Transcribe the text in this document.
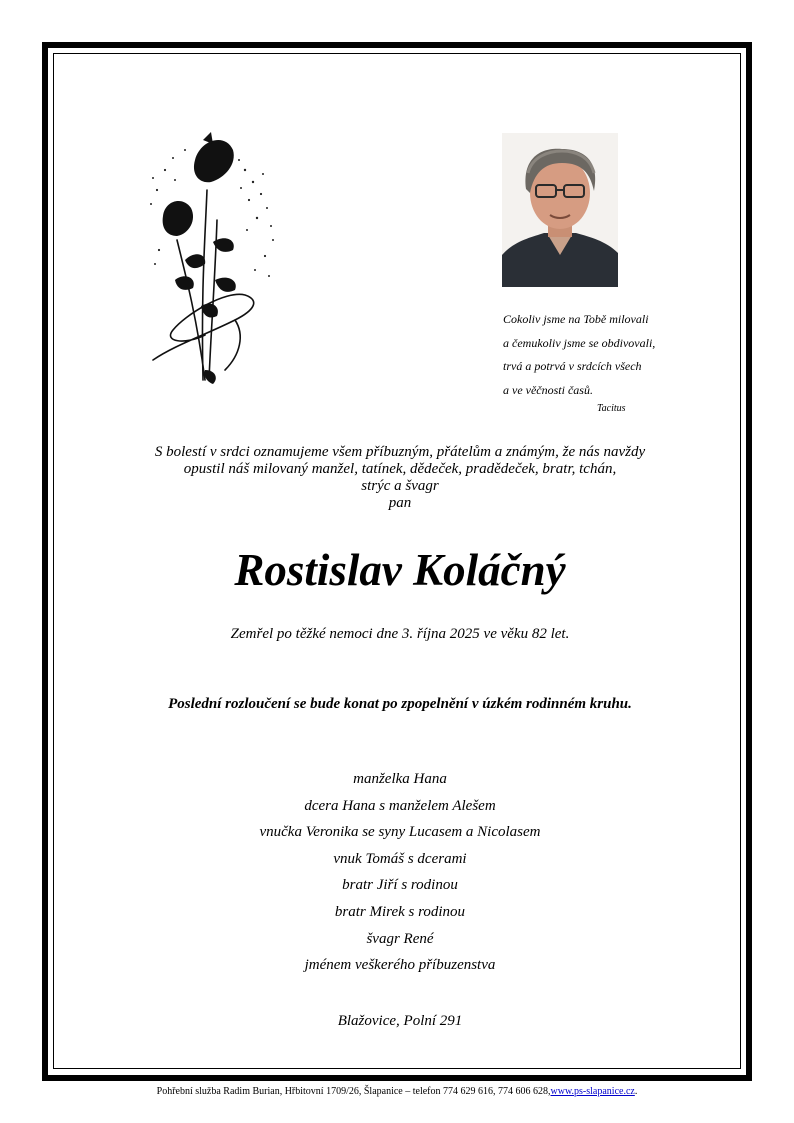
Cokoliv jsme na Tobě milovali
a čemukoliv jsme se obdivovali,
trvá a potrvá v srdcích všech
a ve věčnosti časů.
Tacitus
S bolestí v srdci oznamujeme všem příbuzným, přátelům a známým, že nás navždy
opustil náš milovaný manžel, tatínek, dědeček, pradědeček, bratr, tchán,
strýc a švagr
pan
Rostislav Koláčný
Zemřel po těžké nemoci dne 3. října 2025 ve věku 82 let.
Poslední rozloučení se bude konat po zpopelnění v úzkém rodinném kruhu.
manželka Hana
dcera Hana s manželem Alešem
vnučka Veronika se syny Lucasem a Nicolasem
vnuk Tomáš s dcerami
bratr Jiří s rodinou
bratr Mirek s rodinou
švagr René
jménem veškerého příbuzenstva
Blažovice, Polní 291
Pohřební služba Radim Burian, Hřbitovní 1709/26, Šlapanice – telefon 774 629 616, 774 606 628,www.ps-slapanice.cz.
